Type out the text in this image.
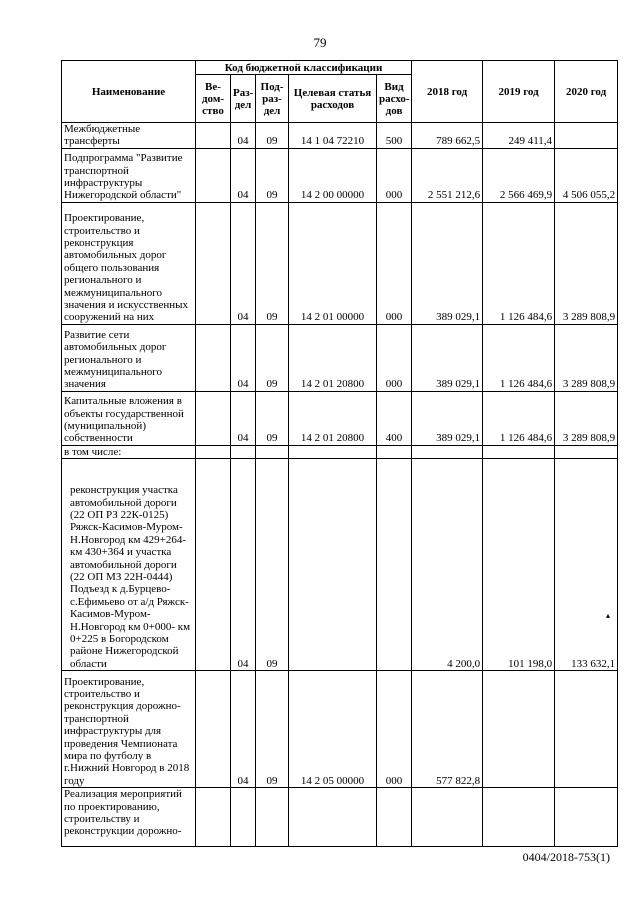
79
Наименование	Код бюджетной классификации					2018 год	2019 год	2020 год
	Ве-дом-ство	Раз-дел	Под-раз-дел	Целевая статья расходов	Вид расхо-дов			
Межбюджетные трансферты		04	09	14 1 04 72210	500	789 662,5	249 411,4	
Подпрограмма "Развитие транспортной инфраструктуры Нижегородской области"		04	09	14 2 00 00000	000	2 551 212,6	2 566 469,9	4 506 055,2
Проектирование, строительство и реконструкция автомобильных дорог общего пользования регионального и межмуниципального значения и искусственных сооружений на них		04	09	14 2 01 00000	000	389 029,1	1 126 484,6	3 289 808,9
Развитие сети автомобильных дорог регионального и межмуниципального значения		04	09	14 2 01 20800	000	389 029,1	1 126 484,6	3 289 808,9
Капитальные вложения в объекты государственной (муниципальной) собственности		04	09	14 2 01 20800	400	389 029,1	1 126 484,6	3 289 808,9
в том числе:								
реконструкция участка автомобильной дороги (22 ОП РЗ 22К-0125) Ряжск-Касимов-Муром-Н.Новгород км 429+264-км 430+364 и участка автомобильной дороги (22 ОП МЗ 22Н-0444) Подъезд к д.Бурцево-с.Ефимьево от а/д Ряжск-Касимов-Муром-Н.Новгород км 0+000- км 0+225 в Богородском районе Нижегородской области		04	09			4 200,0	101 198,0	133 632,1
Проектирование, строительство и реконструкция дорожно-транспортной инфраструктуры для проведения Чемпионата мира по футболу в г.Нижний Новгород в 2018 году		04	09	14 2 05 00000	000	577 822,8		
Реализация мероприятий по проектированию, строительству и реконструкции дорожно-								
▴
0404/2018-753(1)
